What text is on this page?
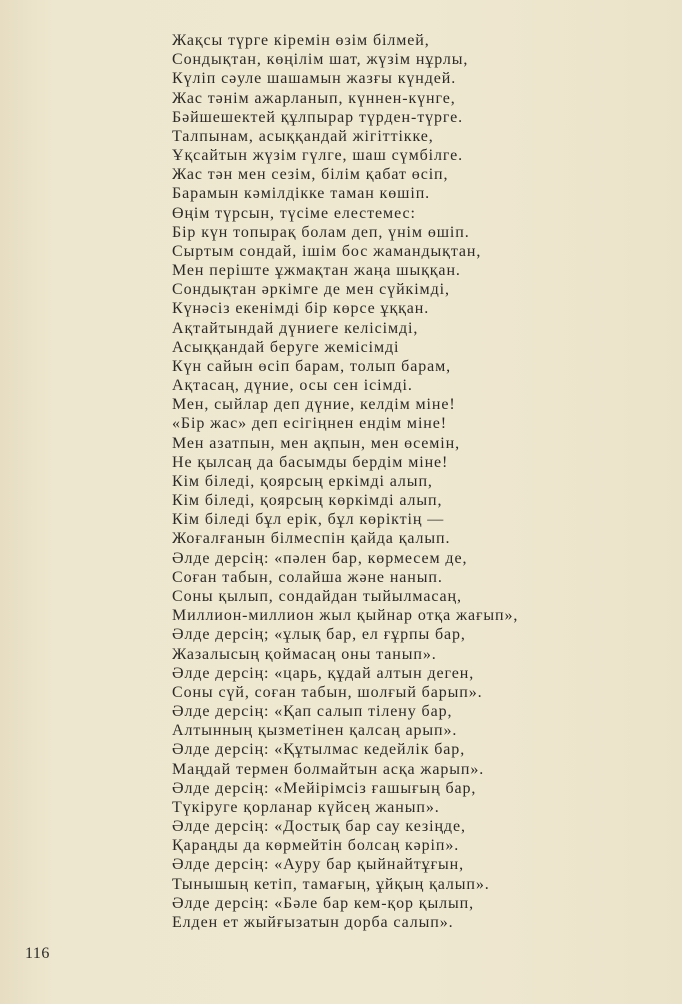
Жақсы түрге кіремін өзім білмей,
Сондықтан, көңілім шат, жүзім нұрлы,
Күліп сәуле шашамын жазғы күндей.
Жас тәнім ажарланып, күннен-күнге,
Бәйшешектей құлпырар түрден-түрге.
Талпынам, асыққандай жігіттікке,
Ұқсайтын жүзім гүлге, шаш сүмбілге.
Жас тән мен сезім, білім қабат өсіп,
Барамын кәмілдікке таман көшіп.
Өңім түрсын, түсіме елестемес:
Бір күн топырақ болам деп, үнім өшіп.
Сыртым сондай, ішім бос жамандықтан,
Мен періште ұжмақтан жаңа шыққан.
Сондықтан әркімге де мен сүйкімді,
Күнәсіз екенімді бір көрсе ұққан.
Ақтайтындай дүниеге келісімді,
Асыққандай беруге жемісімді
Күн сайын өсіп барам, толып барам,
Ақтасаң, дүние, осы сен ісімді.
Мен, сыйлар деп дүние, келдім міне!
«Бір жас» деп есігіңнен ендім міне!
Мен азатпын, мен ақпын, мен өсемін,
Не қылсаң да басымды бердім міне!
Кім біледі, қоярсың еркімді алып,
Кім біледі, қоярсың көркімді алып,
Кім біледі бұл ерік, бұл көріктің —
Жоғалғанын білмеспін қайда қалып.
Әлде дерсің: «пәлен бар, көрмесем де,
Соған табын, солайша және нанып.
Соны қылып, сондайдан тыйылмасаң,
Миллион-миллион жыл қыйнар отқа жағып»,
Әлде дерсің; «ұлық бар, ел ғұрпы бар,
Жазалысың қоймасаң оны танып».
Әлде дерсің: «царь, құдай алтын деген,
Соны сүй, соған табын, шолғый барып».
Әлде дерсің: «Қап салып тілену бар,
Алтынның қызметінен қалсаң арып».
Әлде дерсің: «Құтылмас кедейлік бар,
Маңдай термен болмайтын асқа жарып».
Әлде дерсің: «Мейірімсіз ғашығың бар,
Түкіруге қорланар күйсең жанып».
Әлде дерсің: «Достық бар сау кезіңде,
Қараңды да көрмейтін болсаң кәріп».
Әлде дерсің: «Ауру бар қыйнайтұғын,
Тынышың кетіп, тамағың, ұйқың қалып».
Әлде дерсің: «Бәле бар кем-қор қылып,
Елден ет жыйғызатын дорба салып».
116
